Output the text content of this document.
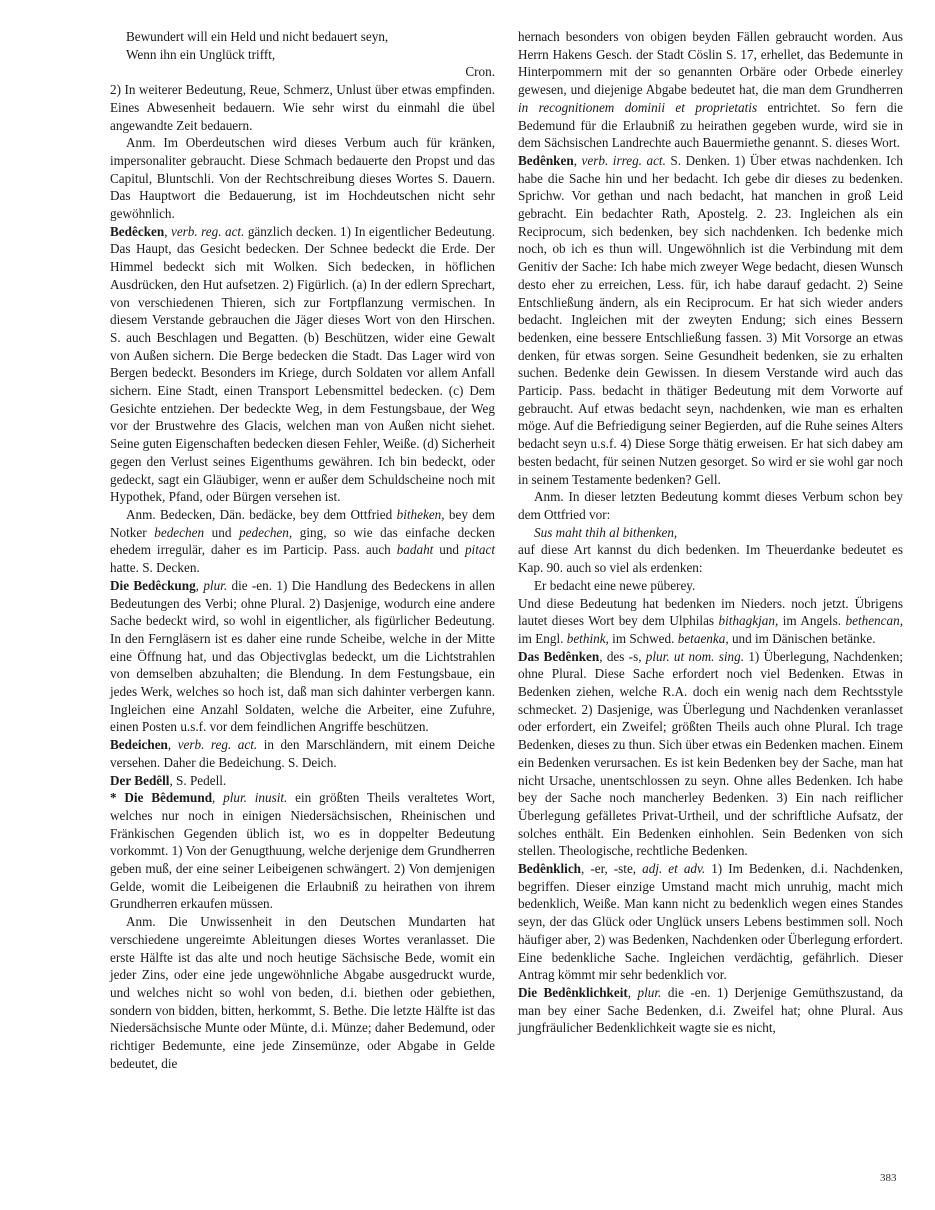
Bewundert will ein Held und nicht bedauert seyn,

Wenn ihn ein Unglück trifft,

Cron.

2) In weiterer Bedeutung, Reue, Schmerz, Unlust über etwas empfinden. Eines Abwesenheit bedauern. Wie sehr wirst du einmahl die übel angewandte Zeit bedauern.

Anm. Im Oberdeutschen wird dieses Verbum auch für kränken, impersonaliter gebraucht. Diese Schmach bedauerte den Propst und das Capitul, Bluntschli. Von der Rechtschreibung dieses Wortes S. Dauern. Das Hauptwort die Bedauerung, ist im Hochdeutschen nicht sehr gewöhnlich.

Bedêcken, verb. reg. act. gänzlich decken. 1) In eigentlicher Bedeutung. Das Haupt, das Gesicht bedecken. Der Schnee bedeckt die Erde. Der Himmel bedeckt sich mit Wolken. Sich bedecken, in höflichen Ausdrücken, den Hut aufsetzen. 2) Figürlich. (a) In der edlern Sprechart, von verschiedenen Thieren, sich zur Fortpflanzung vermischen. In diesem Verstande gebrauchen die Jäger dieses Wort von den Hirschen. S. auch Beschlagen und Begatten. (b) Beschützen, wider eine Gewalt von Außen sichern. Die Berge bedecken die Stadt. Das Lager wird von Bergen bedeckt. Besonders im Kriege, durch Soldaten vor allem Anfall sichern. Eine Stadt, einen Transport Lebensmittel bedecken. (c) Dem Gesichte entziehen. Der bedeckte Weg, in dem Festungsbaue, der Weg vor der Brustwehre des Glacis, welchen man von Außen nicht siehet. Seine guten Eigenschaften bedecken diesen Fehler, Weiße. (d) Sicherheit gegen den Verlust seines Eigenthums gewähren. Ich bin bedeckt, oder gedeckt, sagt ein Gläubiger, wenn er außer dem Schuldscheine noch mit Hypothek, Pfand, oder Bürgen versehen ist.

Anm. Bedecken, Dän. bedäcke, bey dem Ottfried bitheken, bey dem Notker bedechen und pedechen, ging, so wie das einfache decken ehedem irregulär, daher es im Particip. Pass. auch badaht und pitact hatte. S. Decken.

Die Bedêckung, plur. die -en. 1) Die Handlung des Bedeckens in allen Bedeutungen des Verbi; ohne Plural. 2) Dasjenige, wodurch eine andere Sache bedeckt wird, so wohl in eigentlicher, als figürlicher Bedeutung. In den Ferngläsern ist es daher eine runde Scheibe, welche in der Mitte eine Öffnung hat, und das Objectivglas bedeckt, um die Lichtstrahlen von demselben abzuhalten; die Blendung. In dem Festungsbaue, ein jedes Werk, welches so hoch ist, daß man sich dahinter verbergen kann. Ingleichen eine Anzahl Soldaten, welche die Arbeiter, eine Zufuhre, einen Posten u.s.f. vor dem feindlichen Angriffe beschützen.

Bedeichen, verb. reg. act. in den Marschländern, mit einem Deiche versehen. Daher die Bedeichung. S. Deich.

Der Bedêll, S. Pedell.

* Die Bêdemund, plur. inusit. ein größten Theils veraltetes Wort, welches nur noch in einigen Niedersächsischen, Rheinischen und Fränkischen Gegenden üblich ist, wo es in doppelter Bedeutung vorkommt. 1) Von der Genugthuung, welche derjenige dem Grundherren geben muß, der eine seiner Leibeigenen schwängert. 2) Von demjenigen Gelde, womit die Leibeigenen die Erlaubniß zu heirathen von ihrem Grundherren erkaufen müssen.

Anm. Die Unwissenheit in den Deutschen Mundarten hat verschiedene ungereimte Ableitungen dieses Wortes veranlasset. Die erste Hälfte ist das alte und noch heutige Sächsische Bede, womit ein jeder Zins, oder eine jede ungewöhnliche Abgabe ausgedruckt wurde, und welches nicht so wohl von beden, d.i. biethen oder gebiethen, sondern von bidden, bitten, herkommt, S. Bethe. Die letzte Hälfte ist das Niedersächsische Munte oder Münte, d.i. Münze; daher Bedemund, oder richtiger Bedemunte, eine jede Zinsemünze, oder Abgabe in Gelde bedeutet, die

hernach besonders von obigen beyden Fällen gebraucht worden. Aus Herrn Hakens Gesch. der Stadt Cöslin S. 17, erhellet, das Bedemunte in Hinterpommern mit der so genannten Orbäre oder Orbede einerley gewesen, und diejenige Abgabe bedeutet hat, die man dem Grundherren in recognitionem dominii et proprietatis entrichtet. So fern die Bedemund für die Erlaubniß zu heirathen gegeben wurde, wird sie in dem Sächsischen Landrechte auch Bauermiethe genannt. S. dieses Wort.

Bedênken, verb. irreg. act. S. Denken. 1) Über etwas nachdenken. Ich habe die Sache hin und her bedacht. Ich gebe dir dieses zu bedenken. Sprichw. Vor gethan und nach bedacht, hat manchen in groß Leid gebracht. Ein bedachter Rath, Apostelg. 2. 23. Ingleichen als ein Reciprocum, sich bedenken, bey sich nachdenken. Ich bedenke mich noch, ob ich es thun will. Ungewöhnlich ist die Verbindung mit dem Genitiv der Sache: Ich habe mich zweyer Wege bedacht, diesen Wunsch desto eher zu erreichen, Less. für, ich habe darauf gedacht. 2) Seine Entschließung ändern, als ein Reciprocum. Er hat sich wieder anders bedacht. Ingleichen mit der zweyten Endung; sich eines Bessern bedenken, eine bessere Entschließung fassen. 3) Mit Vorsorge an etwas denken, für etwas sorgen. Seine Gesundheit bedenken, sie zu erhalten suchen. Bedenke dein Gewissen. In diesem Verstande wird auch das Particip. Pass. bedacht in thätiger Bedeutung mit dem Vorworte auf gebraucht. Auf etwas bedacht seyn, nachdenken, wie man es erhalten möge. Auf die Befriedigung seiner Begierden, auf die Ruhe seines Alters bedacht seyn u.s.f. 4) Diese Sorge thätig erweisen. Er hat sich dabey am besten bedacht, für seinen Nutzen gesorget. So wird er sie wohl gar noch in seinem Testamente bedenken? Gell.

Anm. In dieser letzten Bedeutung kommt dieses Verbum schon bey dem Ottfried vor:

Sus maht thih al bithenken,

auf diese Art kannst du dich bedenken. Im Theuerdanke bedeutet es Kap. 90. auch so viel als erdenken:

Er bedacht eine newe püberey.

Und diese Bedeutung hat bedenken im Nieders. noch jetzt. Übrigens lautet dieses Wort bey dem Ulphilas bithagkjan, im Angels. bethencan, im Engl. bethink, im Schwed. betaenka, und im Dänischen betänke.

Das Bedênken, des -s, plur. ut nom. sing. 1) Überlegung, Nachdenken; ohne Plural. Diese Sache erfordert noch viel Bedenken. Etwas in Bedenken ziehen, welche R.A. doch ein wenig nach dem Rechtsstyle schmecket. 2) Dasjenige, was Überlegung und Nachdenken veranlasset oder erfordert, ein Zweifel; größten Theils auch ohne Plural. Ich trage Bedenken, dieses zu thun. Sich über etwas ein Bedenken machen. Einem ein Bedenken verursachen. Es ist kein Bedenken bey der Sache, man hat nicht Ursache, unentschlossen zu seyn. Ohne alles Bedenken. Ich habe bey der Sache noch mancherley Bedenken. 3) Ein nach reiflicher Überlegung gefälletes Privat-Urtheil, und der schriftliche Aufsatz, der solches enthält. Ein Bedenken einhohlen. Sein Bedenken von sich stellen. Theologische, rechtliche Bedenken.

Bedênklich, -er, -ste, adj. et adv. 1) Im Bedenken, d.i. Nachdenken, begriffen. Dieser einzige Umstand macht mich unruhig, macht mich bedenklich, Weiße. Man kann nicht zu bedenklich wegen eines Standes seyn, der das Glück oder Unglück unsers Lebens bestimmen soll. Noch häufiger aber, 2) was Bedenken, Nachdenken oder Überlegung erfordert. Eine bedenkliche Sache. Ingleichen verdächtig, gefährlich. Dieser Antrag kömmt mir sehr bedenklich vor.

Die Bedênklichkeit, plur. die -en. 1) Derjenige Gemüthszustand, da man bey einer Sache Bedenken, d.i. Zweifel hat; ohne Plural. Aus jungfräulicher Bedenklichkeit wagte sie es nicht,

383
